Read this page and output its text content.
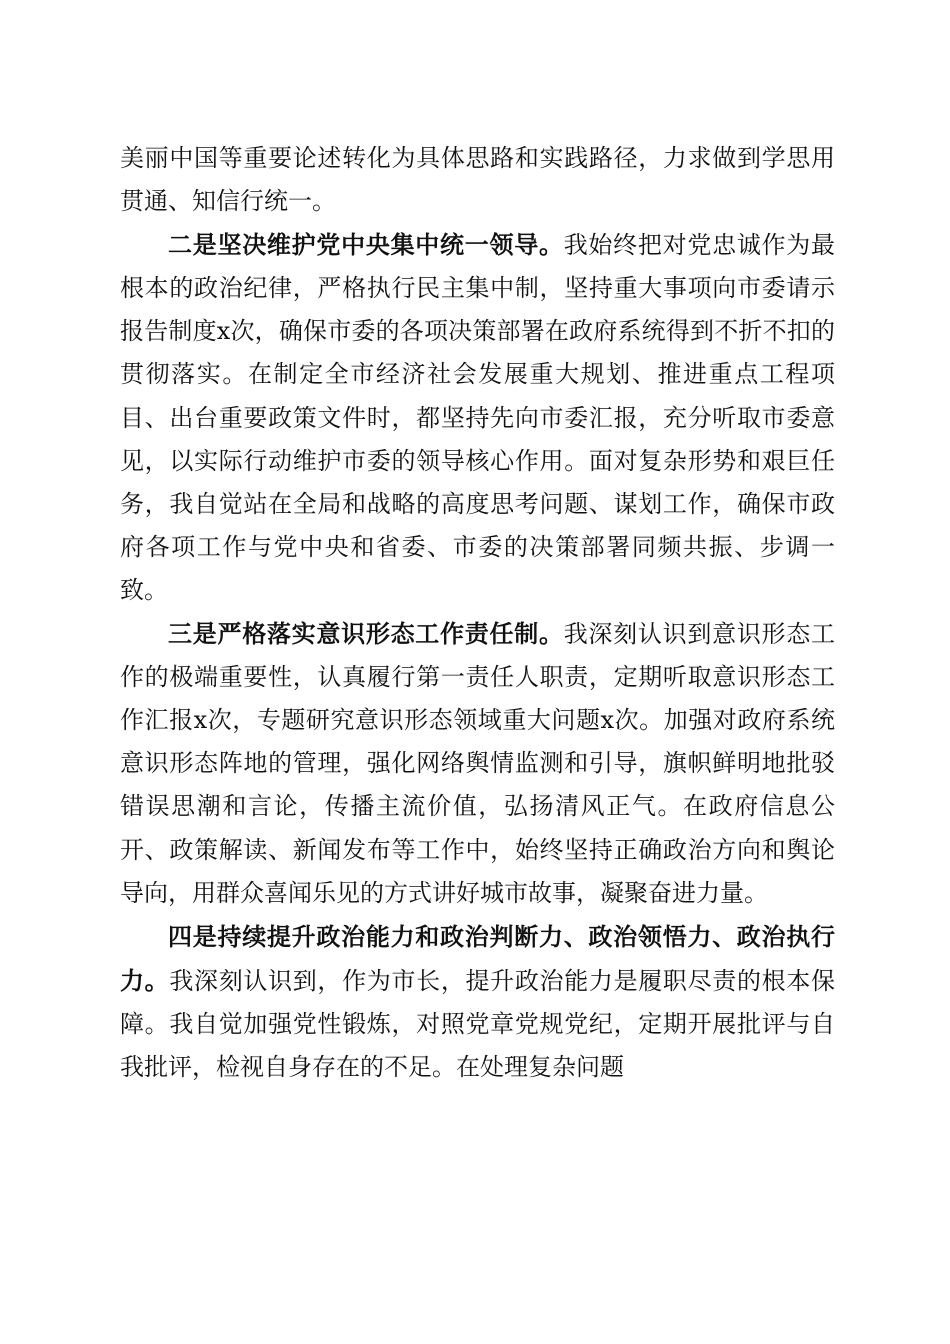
美丽中国等重要论述转化为具体思路和实践路径，力求做到学思用贯通、知信行统一。

二是坚决维护党中央集中统一领导。我始终把对党忠诚作为最根本的政治纪律，严格执行民主集中制，坚持重大事项向市委请示报告制度x次，确保市委的各项决策部署在政府系统得到不折不扣的贯彻落实。在制定全市经济社会发展重大规划、推进重点工程项目、出台重要政策文件时，都坚持先向市委汇报，充分听取市委意见，以实际行动维护市委的领导核心作用。面对复杂形势和艰巨任务，我自觉站在全局和战略的高度思考问题、谋划工作，确保市政府各项工作与党中央和省委、市委的决策部署同频共振、步调一致。

三是严格落实意识形态工作责任制。我深刻认识到意识形态工作的极端重要性，认真履行第一责任人职责，定期听取意识形态工作汇报x次，专题研究意识形态领域重大问题x次。加强对政府系统意识形态阵地的管理，强化网络舆情监测和引导，旗帜鲜明地批驳错误思潮和言论，传播主流价值，弘扬清风正气。在政府信息公开、政策解读、新闻发布等工作中，始终坚持正确政治方向和舆论导向，用群众喜闻乐见的方式讲好城市故事，凝聚奋进力量。

四是持续提升政治能力和政治判断力、政治领悟力、政治执行力。我深刻认识到，作为市长，提升政治能力是履职尽责的根本保障。我自觉加强党性锻炼，对照党章党规党纪，定期开展批评与自我批评，检视自身存在的不足。在处理复杂问题
